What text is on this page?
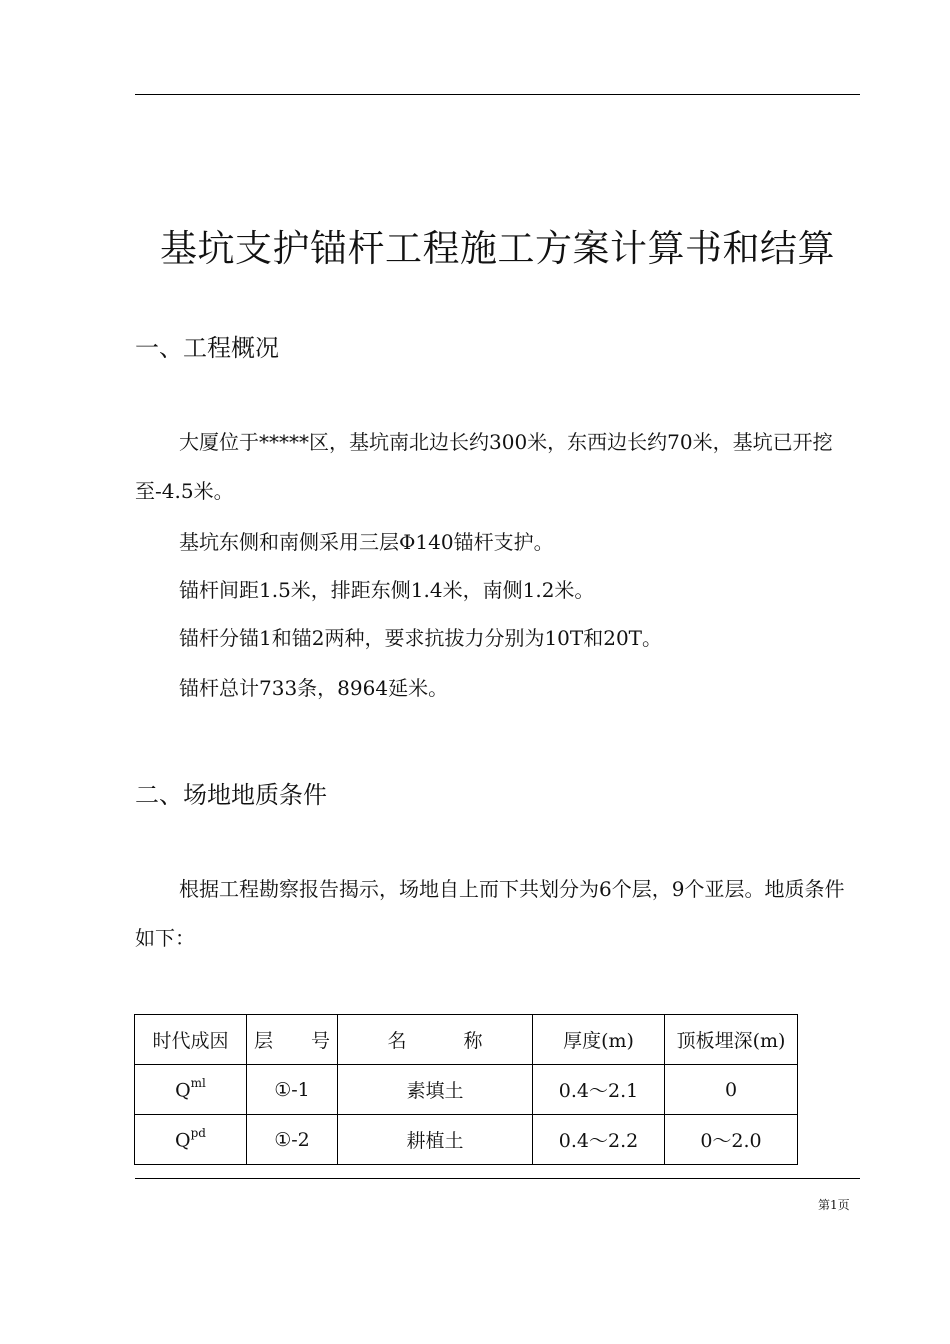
基坑支护锚杆工程施工方案计算书和结算
一、工程概况

大厦位于*****区，基坑南北边长约300米，东西边长约70米，基坑已开挖至-4.5米。

基坑东侧和南侧采用三层Φ140锚杆支护。

锚杆间距1.5米，排距东侧1.4米，南侧1.2米。

锚杆分锚1和锚2两种，要求抗拔力分别为10T和20T。

锚杆总计733条，8964延米。

二、场地地质条件

根据工程勘察报告揭示，场地自上而下共划分为6个层，9个亚层。地质条件如下：

时代成因	层　　号	名　　　称	厚度(m)	顶板埋深(m)
$Q^{ml}$	①-1	素填土	0.4～2.1	0
$Q^{pd}$	①-2	耕植土	0.4～2.2	0～2.0
第1页
